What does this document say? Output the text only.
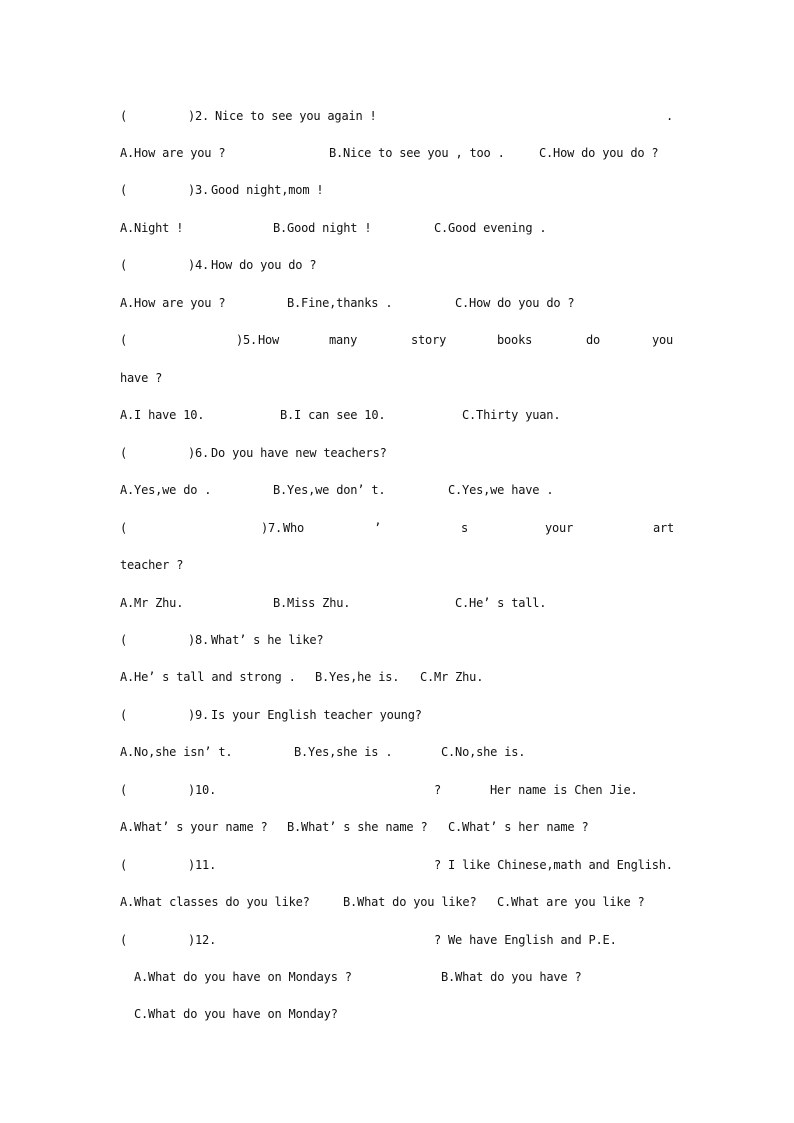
(

	)2.

Nice to see you again !

	.

A.How are you ?

	B.Nice to see you , too .

	C.How do you do ?

(

	)3.

Good night,mom !

A.Night !

	B.Good night !

	C.Good evening .

(

	)4.

How do you do ?

A.How are you ?

	B.Fine,thanks .

	C.How do you do ?

(

	)5.

How

	many

	story

	books

	do

	you

have ?

A.I have 10.

	B.I can see 10.

	C.Thirty yuan.

(

	)6.

Do you have new teachers?

A.Yes,we do .

	B.Yes,we don’ t.

	C.Yes,we have .

(

	)7.

Who

	’

	s

	your

	art

teacher ?

A.Mr Zhu.

	B.Miss Zhu.

	C.He’ s tall.

(

	)8.

What’ s he like?

A.He’ s tall and strong .

B.Yes,he is.

C.Mr Zhu.

(

	)9.

Is your English teacher young?

A.No,she isn’ t.

	B.Yes,she is .

	C.No,she is.

(

	)10.

	?

	Her name is Chen Jie.

A.What’ s your name ?

B.What’ s she name ?

C.What’ s her name ?

(

	)11.

	?

I like Chinese,math and English.

A.What classes do you like?

	B.What do you like?

C.What are you like ?

(

	)12.

	?

We have English and P.E.

A.What do you have on Mondays ?

	B.What do you have ?

C.What do you have on Monday?
